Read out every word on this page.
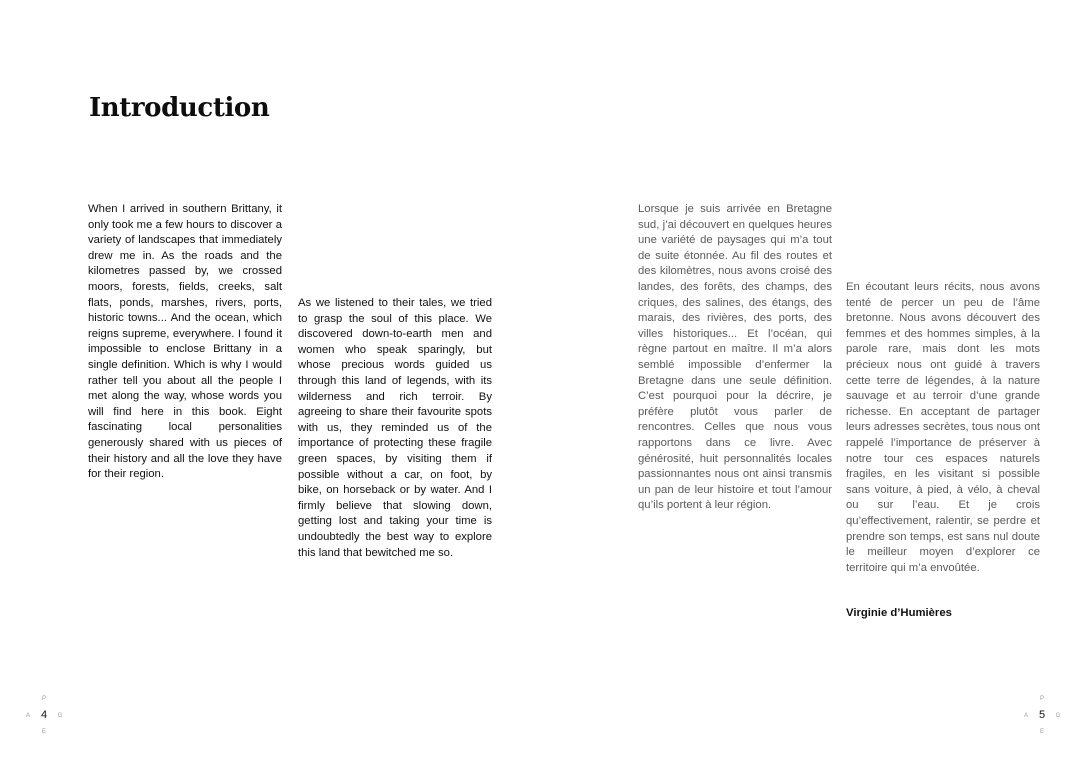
Introduction

When I arrived in southern Brittany, it only took me a few hours to discover a variety of landscapes that immediately drew me in. As the roads and the kilometres passed by, we crossed moors, forests, fields, creeks, salt flats, ponds, marshes, rivers, ports, historic towns... And the ocean, which reigns supreme, everywhere. I found it impossible to enclose Brittany in a single definition. Which is why I would rather tell you about all the people I met along the way, whose words you will find here in this book. Eight fascinating local personalities generously shared with us pieces of their history and all the love they have for their region.

As we listened to their tales, we tried to grasp the soul of this place. We discovered down-to-earth men and women who speak sparingly, but whose precious words guided us through this land of legends, with its wilderness and rich terroir. By agreeing to share their favourite spots with us, they reminded us of the importance of protecting these fragile green spaces, by visiting them if possible without a car, on foot, by bike, on horseback or by water. And I firmly believe that slowing down, getting lost and taking your time is undoubtedly the best way to explore this land that bewitched me so.

Lorsque je suis arrivée en Bretagne sud, j’ai découvert en quelques heures une variété de paysages qui m’a tout de suite étonnée. Au fil des routes et des kilomètres, nous avons croisé des landes, des forêts, des champs, des criques, des salines, des étangs, des marais, des rivières, des ports, des villes historiques... Et l’océan, qui règne partout en maître. Il m’a alors semblé impossible d’enfermer la Bretagne dans une seule définition. C’est pourquoi pour la décrire, je préfère plutôt vous parler de rencontres. Celles que nous vous rapportons dans ce livre. Avec générosité, huit personnalités locales passionnantes nous ont ainsi transmis un pan de leur histoire et tout l’amour qu’ils portent à leur région.

En écoutant leurs récits, nous avons tenté de percer un peu de l’âme bretonne. Nous avons découvert des femmes et des hommes simples, à la parole rare, mais dont les mots précieux nous ont guidé à travers cette terre de légendes, à la nature sauvage et au terroir d’une grande richesse. En acceptant de partager leurs adresses secrètes, tous nous ont rappelé l’importance de préserver à notre tour ces espaces naturels fragiles, en les visitant si possible sans voiture, à pied, à vélo, à cheval ou sur l’eau. Et je crois qu’effectivement, ralentir, se perdre et prendre son temps, est sans nul doute le meilleur moyen d’explorer ce territoire qui m’a envoûtée.

Virginie d’Humières

P
A 4	G
E
P
A 5	G
E
